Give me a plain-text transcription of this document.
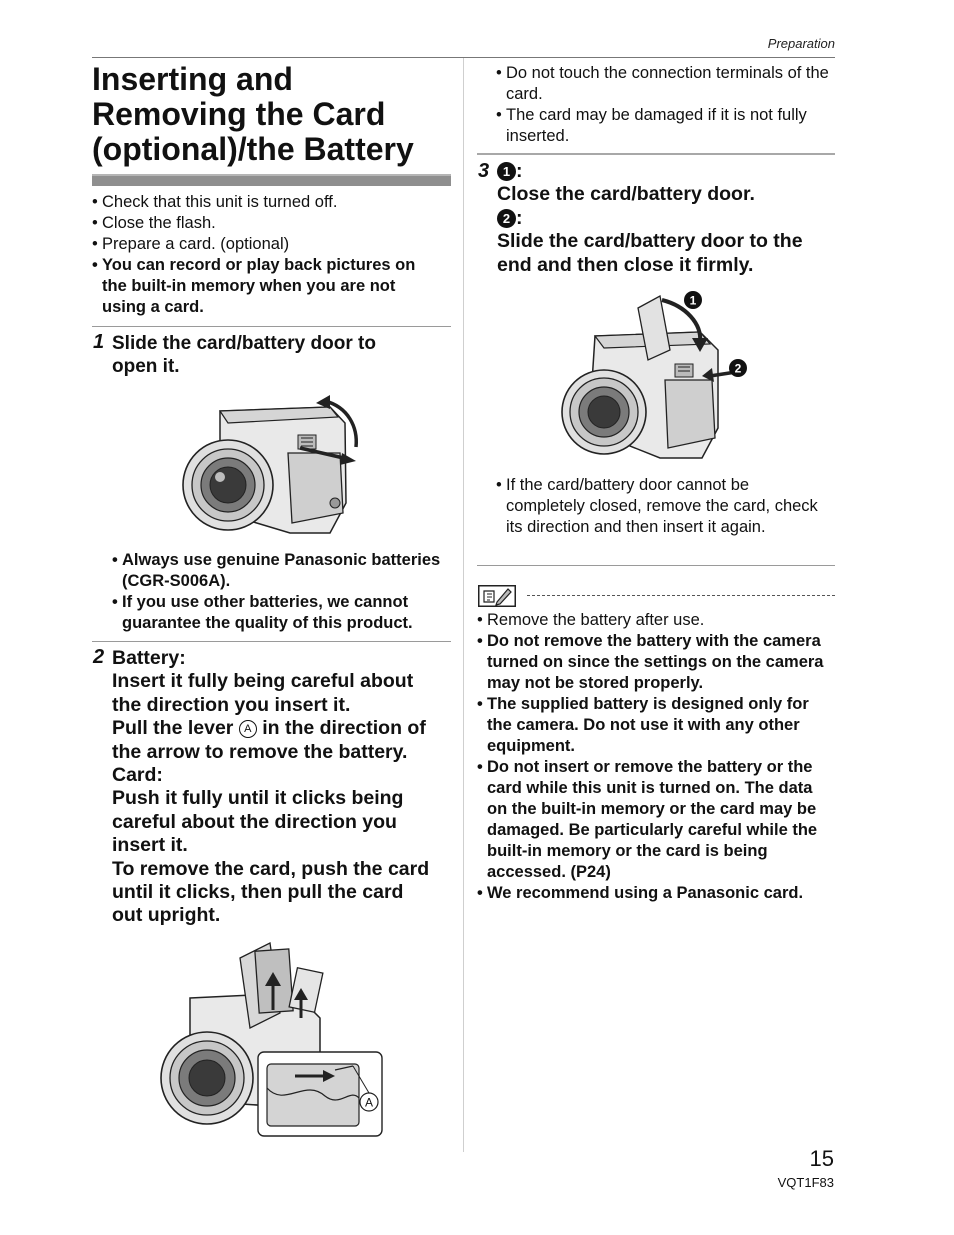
Preparation
Inserting and
Removing the Card
(optional)/the Battery
• Check that this unit is turned off.
• Close the flash.
• Prepare a card. (optional)
• You can record or play back pictures on the built-in memory when you are not using a card.
1 Slide the card/battery door to
open it.

• Always use genuine Panasonic batteries (CGR-S006A).
• If you use other batteries, we cannot guarantee the quality of this product.
2 Battery:
Insert it fully being careful about
the direction you insert it.
Pull the lever A in the direction of
the arrow to remove the battery.
Card:
Push it fully until it clicks being
careful about the direction you
insert it.
To remove the card, push the card
until it clicks, then pull the card
out upright.

A
• Do not touch the connection terminals of the card.
• The card may be damaged if it is not fully inserted.
3	1 :
Close the card/battery door.
2 :
Slide the card/battery door to the
end and then close it firmly.

1
2
• If the card/battery door cannot be completely closed, remove the card, check its direction and then insert it again.
• Remove the battery after use.
• Do not remove the battery with the camera turned on since the settings on the camera may not be stored properly.
• The supplied battery is designed only for the camera. Do not use it with any other equipment.
• Do not insert or remove the battery or the card while this unit is turned on. The data on the built-in memory or the card may be damaged. Be particularly careful while the built-in memory or the card is being accessed. (P24)
• We recommend using a Panasonic card.
15
VQT1F83
